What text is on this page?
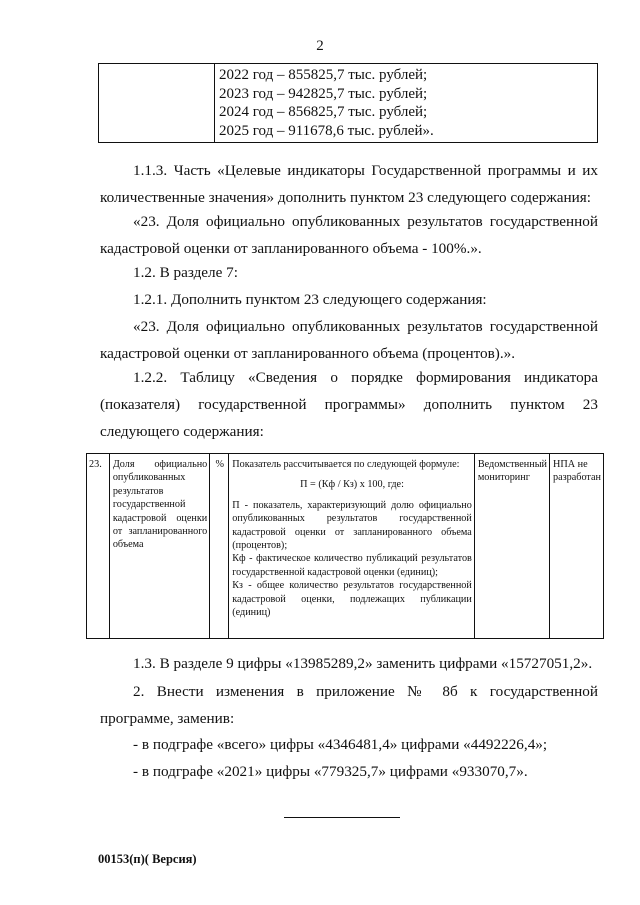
2

2022 год – 855825,7 тыс. рублей;
2023 год – 942825,7 тыс. рублей;
2024 год – 856825,7 тыс. рублей;
2025 год – 911678,6 тыс. рублей».
1.1.3. Часть «Целевые индикаторы Государственной программы и их количественные значения» дополнить пунктом 23 следующего содержания:
«23. Доля официально опубликованных результатов государственной кадастровой оценки от запланированного объема - 100%.».
1.2. В разделе 7:
1.2.1. Дополнить пунктом 23 следующего содержания:
«23. Доля официально опубликованных результатов государственной кадастровой оценки от запланированного объема (процентов).».
1.2.2. Таблицу «Сведения о порядке формирования индикатора (показателя) государственной программы» дополнить пунктом 23 следующего содержания:
23.	Доля официально опубликованных результатов государственной кадастровой оценки от запланированного объема	%	Показатель рассчитывается по следующей формуле:
П = (Кф / Кз) х 100, где:
П - показатель, характеризующий долю официально опубликованных результатов государственной кадастровой оценки от запланированного объема (процентов);
Кф - фактическое количество публикаций результатов государственной кадастровой оценки (единиц);
Кз - общее количество результатов государственной кадастровой оценки, подлежащих публикации (единиц)
	Ведомственный мониторинг	НПА не разработан
1.3. В разделе 9 цифры «13985289,2» заменить цифрами «15727051,2».
2. Внести изменения в приложение № 8б к государственной программе, заменив:
- в подграфе «всего» цифры «4346481,4» цифрами «4492226,4»;
- в подграфе «2021» цифры «779325,7» цифрами «933070,7».
00153(п)( Версия)
